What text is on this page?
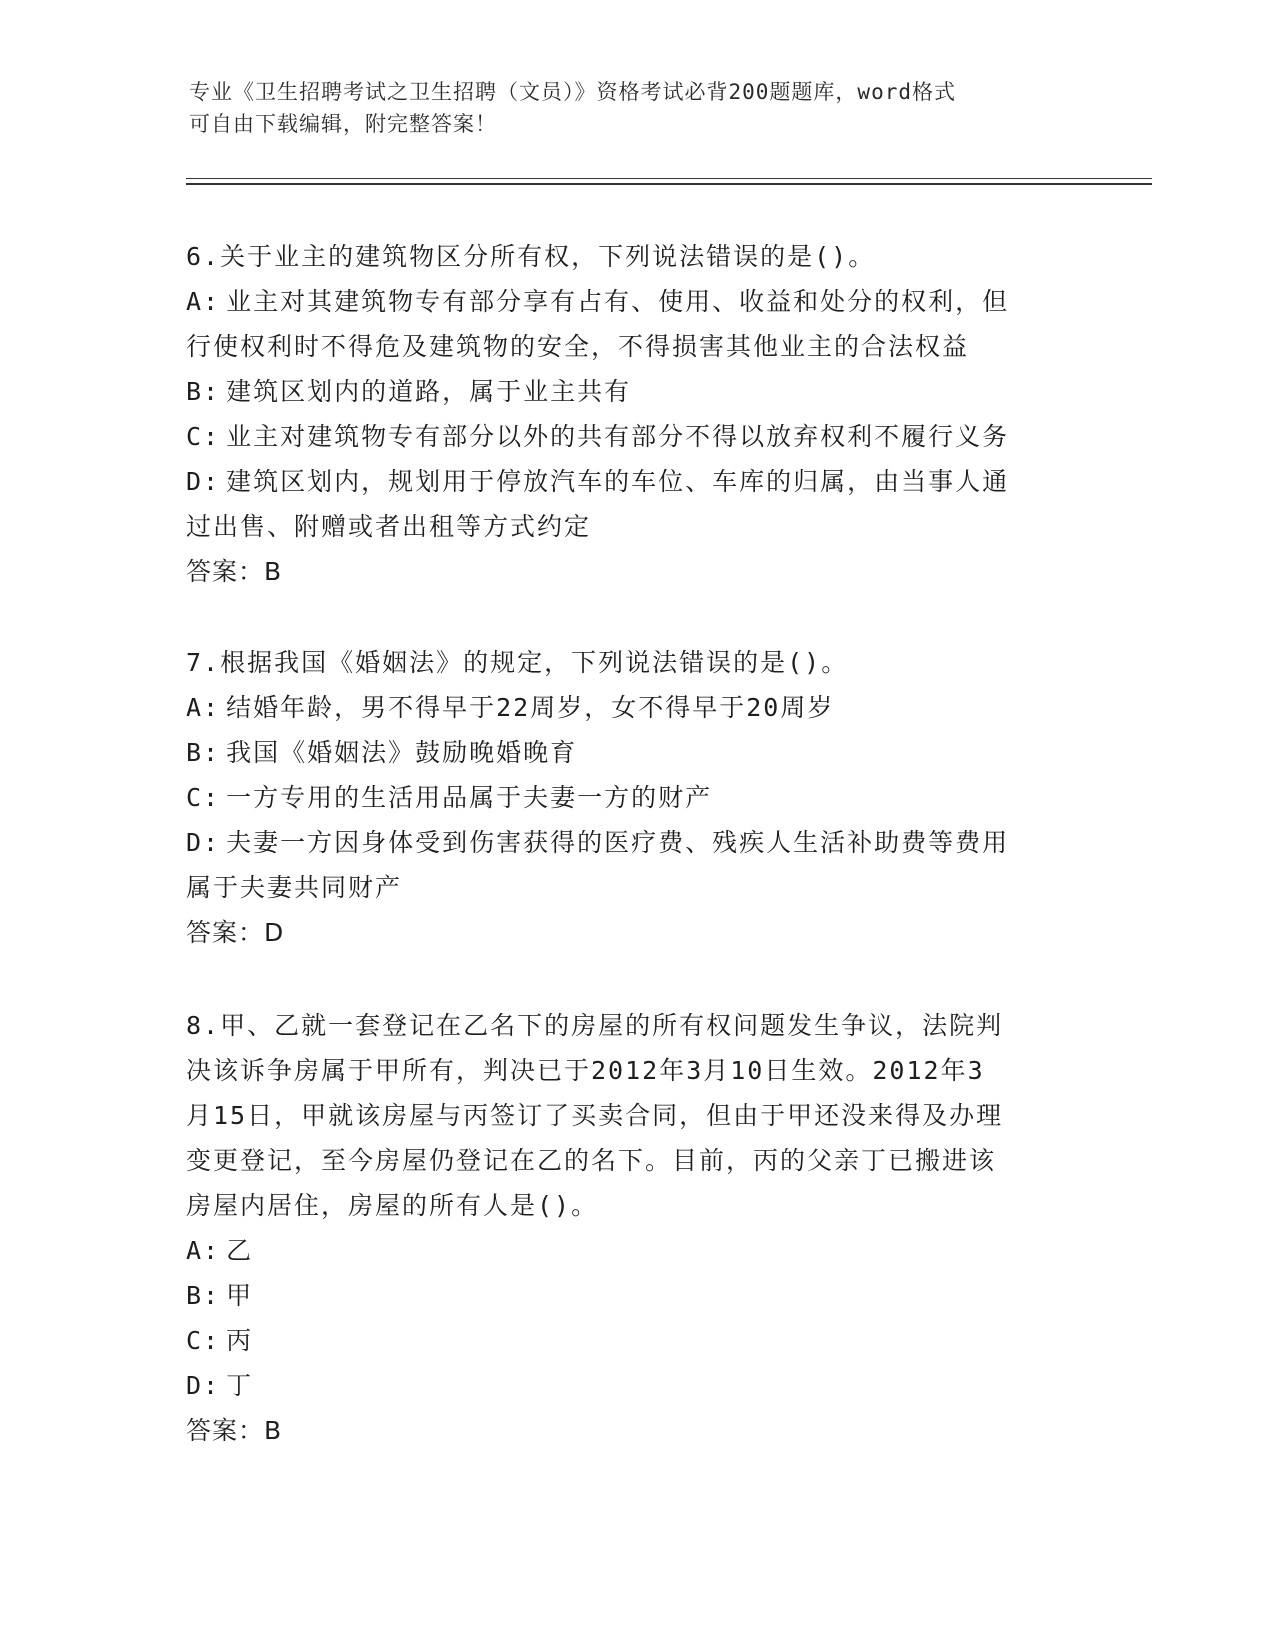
专业《卫生招聘考试之卫生招聘（文员）》资格考试必背200题题库，word格式
可自由下载编辑，附完整答案！
6.关于业主的建筑物区分所有权，下列说法错误的是()。
A: 业主对其建筑物专有部分享有占有、使用、收益和处分的权利，但
行使权利时不得危及建筑物的安全，不得损害其他业主的合法权益
B: 建筑区划内的道路，属于业主共有
C: 业主对建筑物专有部分以外的共有部分不得以放弃权利不履行义务
D: 建筑区划内，规划用于停放汽车的车位、车库的归属，由当事人通
过出售、附赠或者出租等方式约定
答案：B
7.根据我国《婚姻法》的规定，下列说法错误的是()。
A: 结婚年龄，男不得早于22周岁，女不得早于20周岁
B: 我国《婚姻法》鼓励晚婚晚育
C: 一方专用的生活用品属于夫妻一方的财产
D: 夫妻一方因身体受到伤害获得的医疗费、残疾人生活补助费等费用
属于夫妻共同财产
答案：D
8.甲、乙就一套登记在乙名下的房屋的所有权问题发生争议，法院判
决该诉争房属于甲所有，判决已于2012年3月10日生效。2012年3
月15日，甲就该房屋与丙签订了买卖合同，但由于甲还没来得及办理
变更登记，至今房屋仍登记在乙的名下。目前，丙的父亲丁已搬进该
房屋内居住，房屋的所有人是()。
A: 乙
B: 甲
C: 丙
D: 丁
答案：B
